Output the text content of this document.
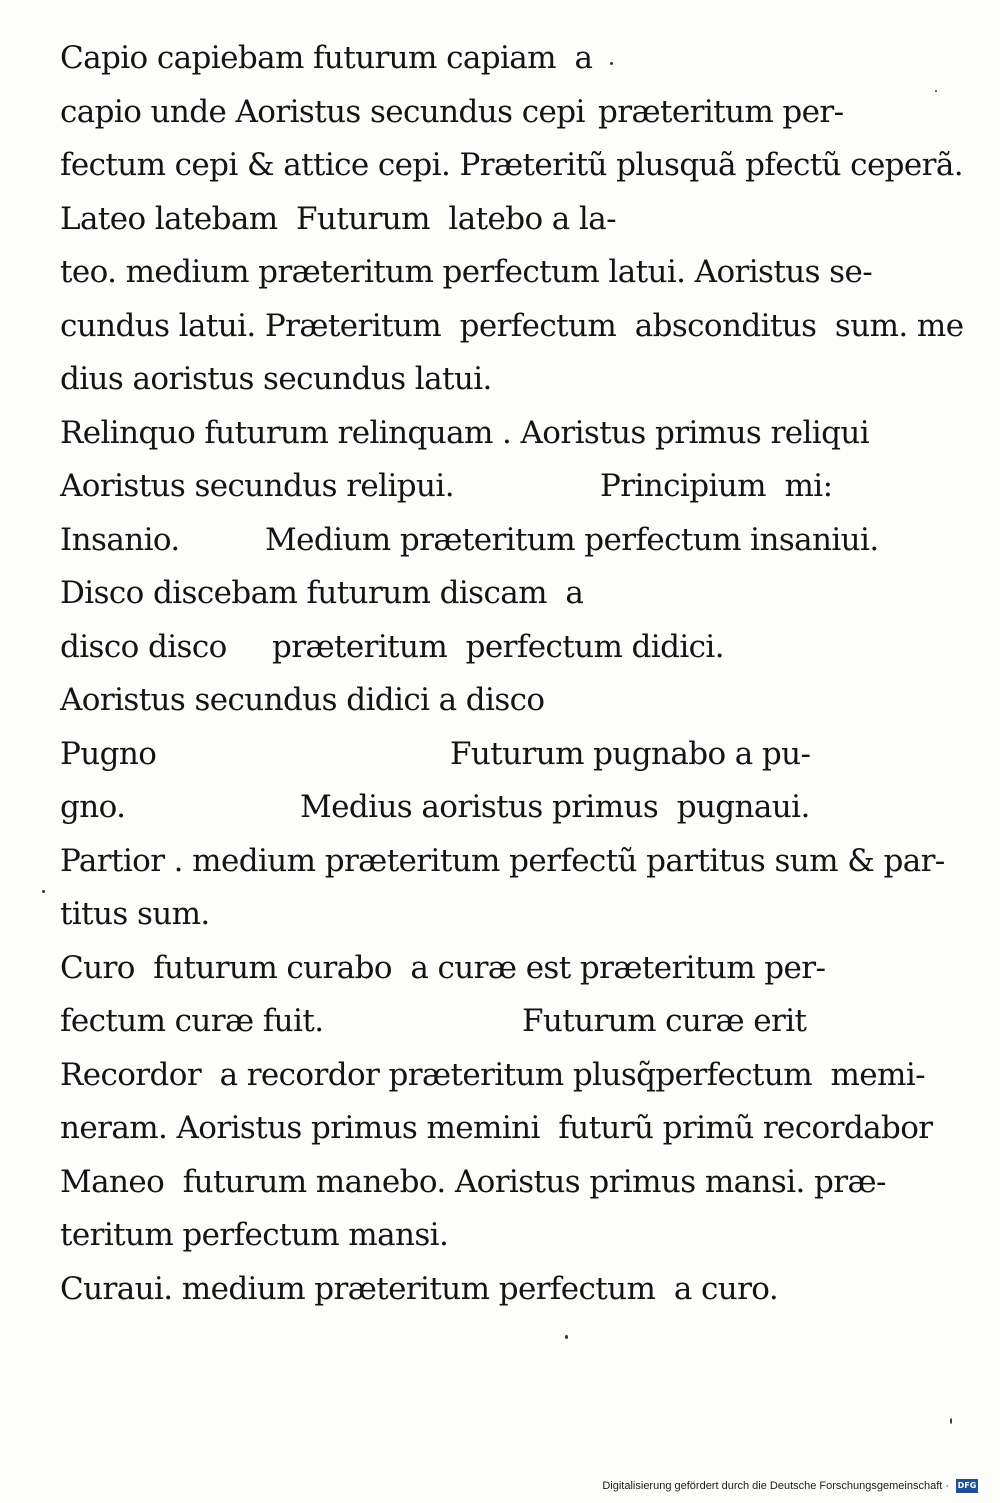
Capio capiebam futurum capiam  a
capio unde Aoristus secundus cepi præteritum per-
fectum cepi & attice cepi. Præteritũ plusquã pfectũ ceperã.
Lateo latebam  Futurum  latebo a la-
teo. medium præteritum perfectum latui. Aoristus se-
cundus latui. Præteritum  perfectum  absconditus  sum. me
dius aoristus secundus latui.
Relinquo futurum relinquam . Aoristus primus reliqui
Aoristus secundus relipui.	Principium  mi:
Insanio.	Medium præteritum perfectum insaniui.
Disco discebam futurum discam  a
disco disco præteritum  perfectum didici.
Aoristus secundus didici a disco
Pugno	Futurum pugnabo a pu-
gno.	Medius aoristus primus  pugnaui.
Partior . medium præteritum perfectũ partitus sum & par-
titus sum.
Curo  futurum curabo  a curæ est præteritum per-
fectum curæ fuit.	Futurum curæ erit
Recordor  a recordor præteritum plusq̃perfectum  memi-
neram. Aoristus primus memini  futurũ primũ recordabor
Maneo  futurum manebo. Aoristus primus mansi. præ-
teritum perfectum mansi.
Curaui. medium præteritum perfectum  a curo.
Digitalisierung gefördert durch die Deutsche Forschungsgemeinschaft · DFG
